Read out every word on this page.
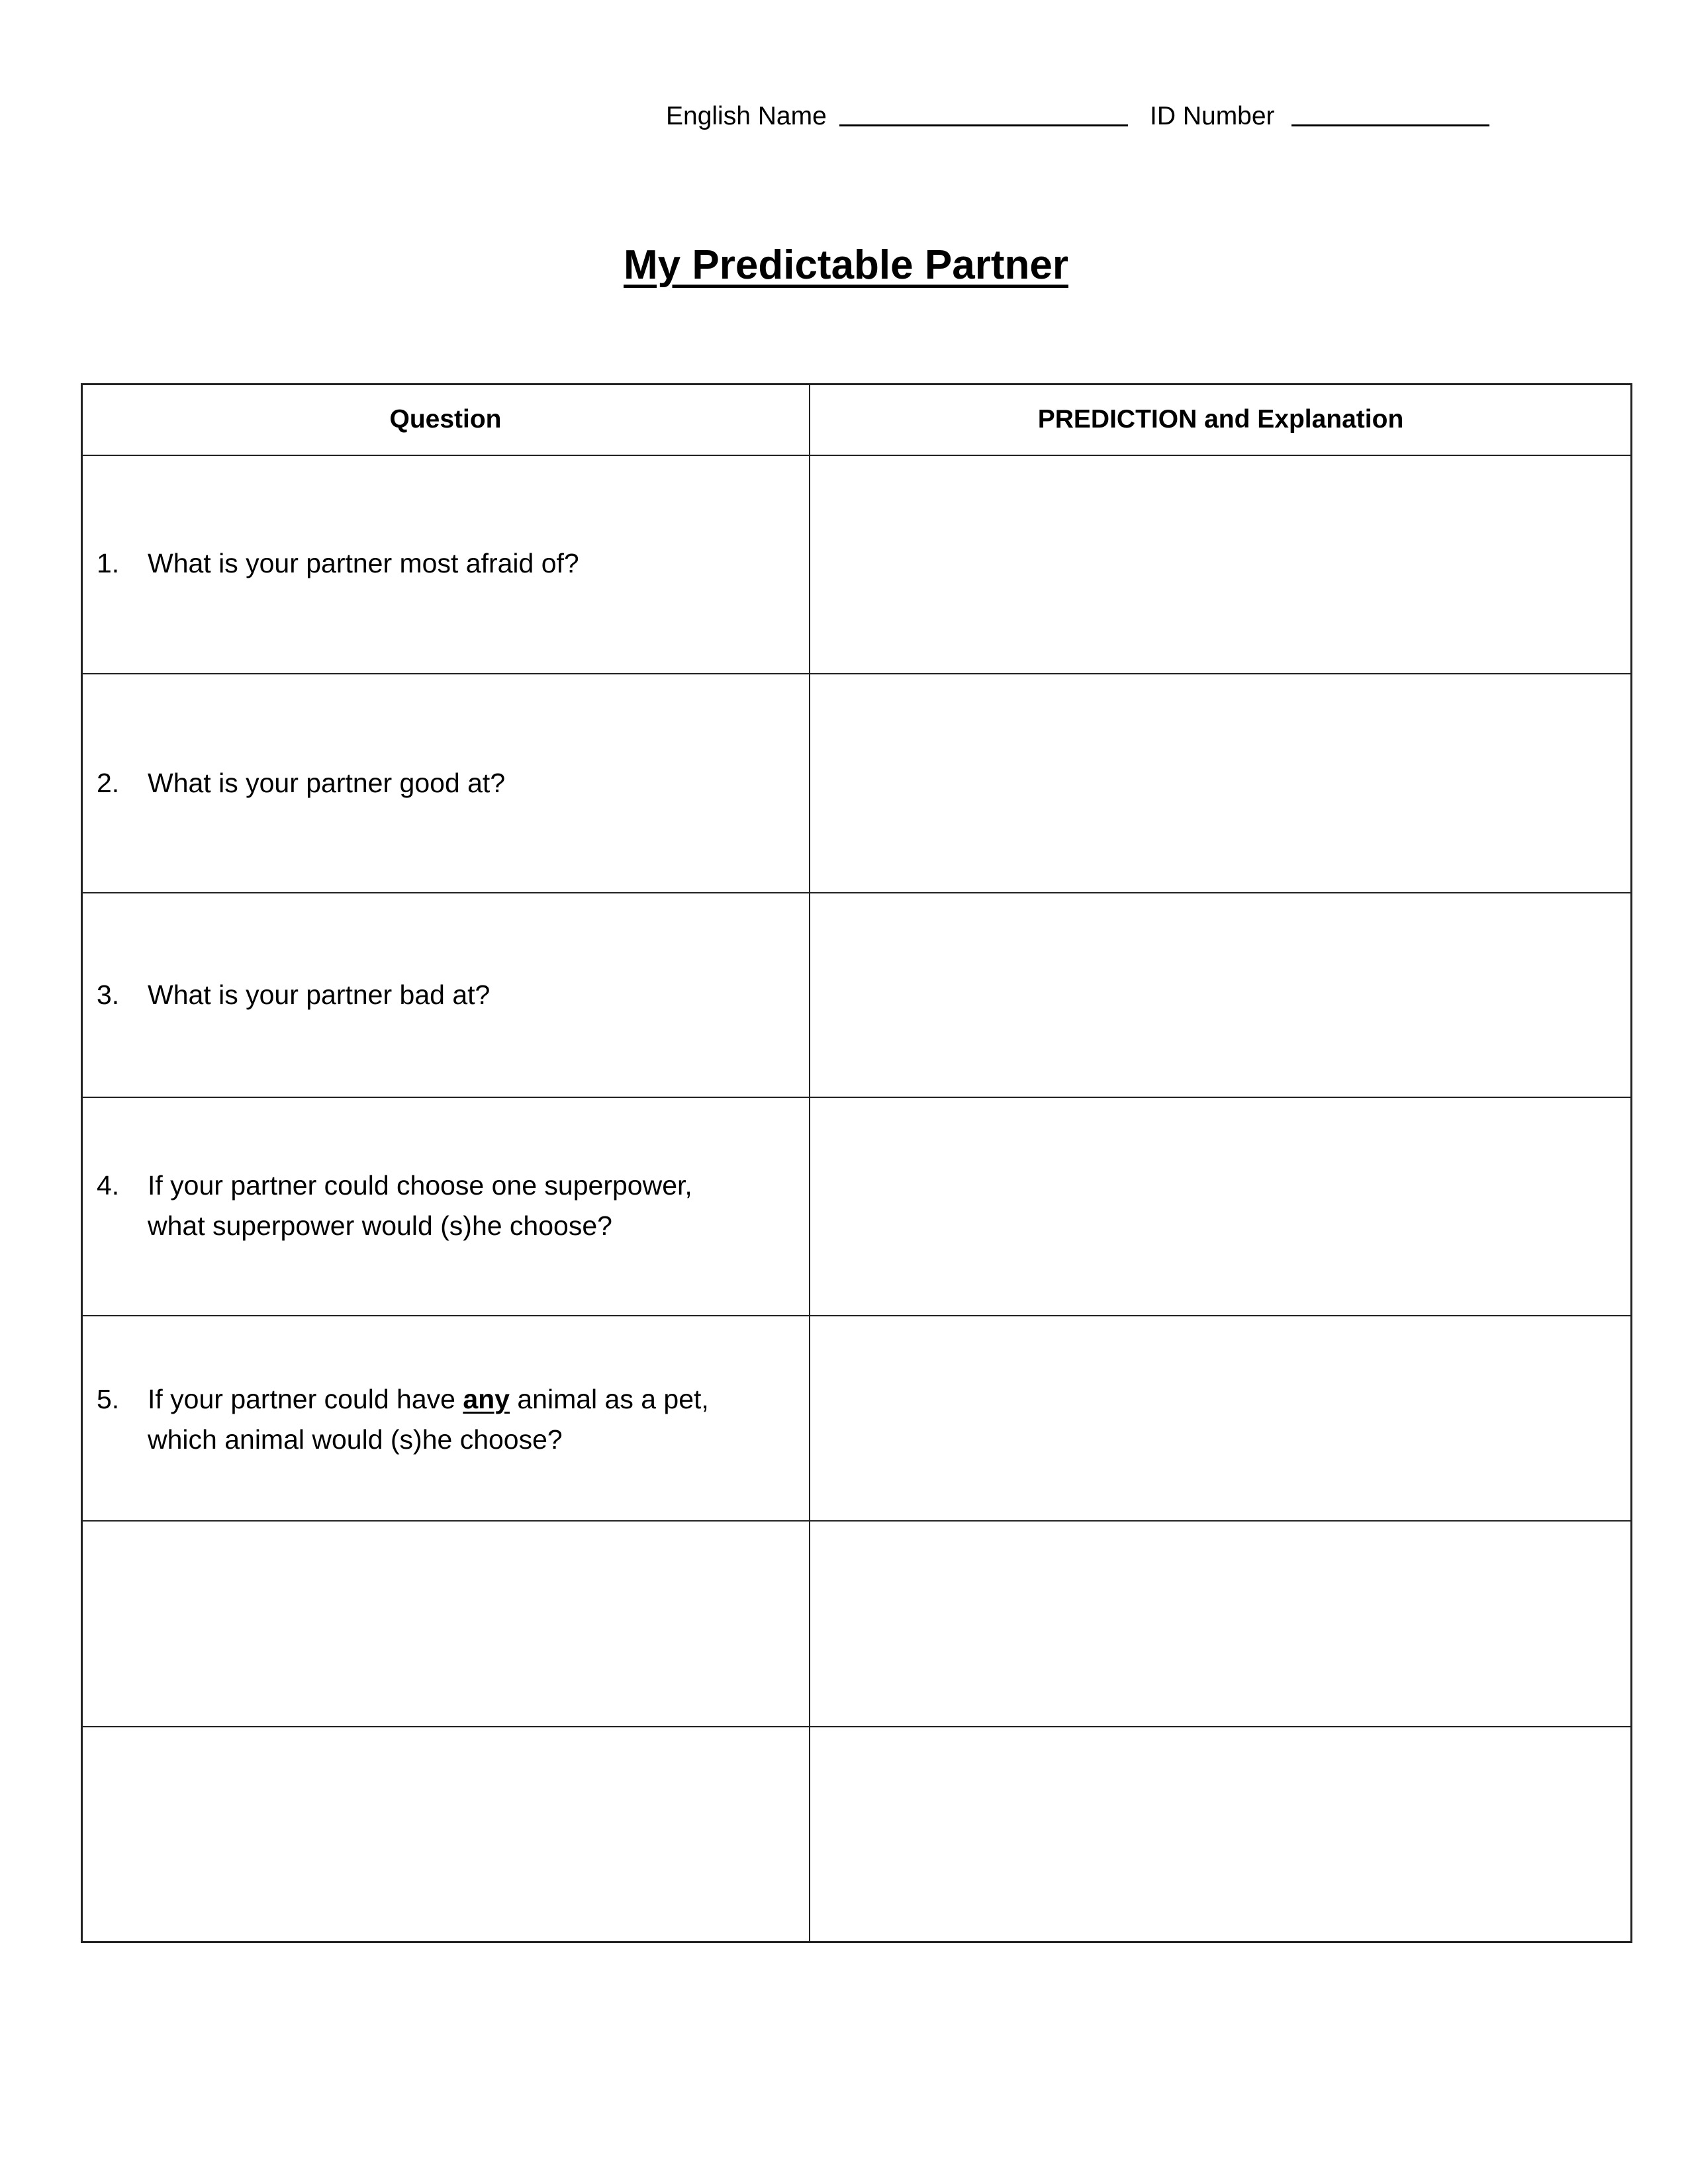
English Name	ID Number
My Predictable Partner
Question	PREDICTION and Explanation
1. What is your partner most afraid of?
2. What is your partner good at?
3. What is your partner bad at?
4. If your partner could choose one superpower,
what superpower would (s)he choose?
5. If your partner could have any animal as a pet,
which animal would (s)he choose?
